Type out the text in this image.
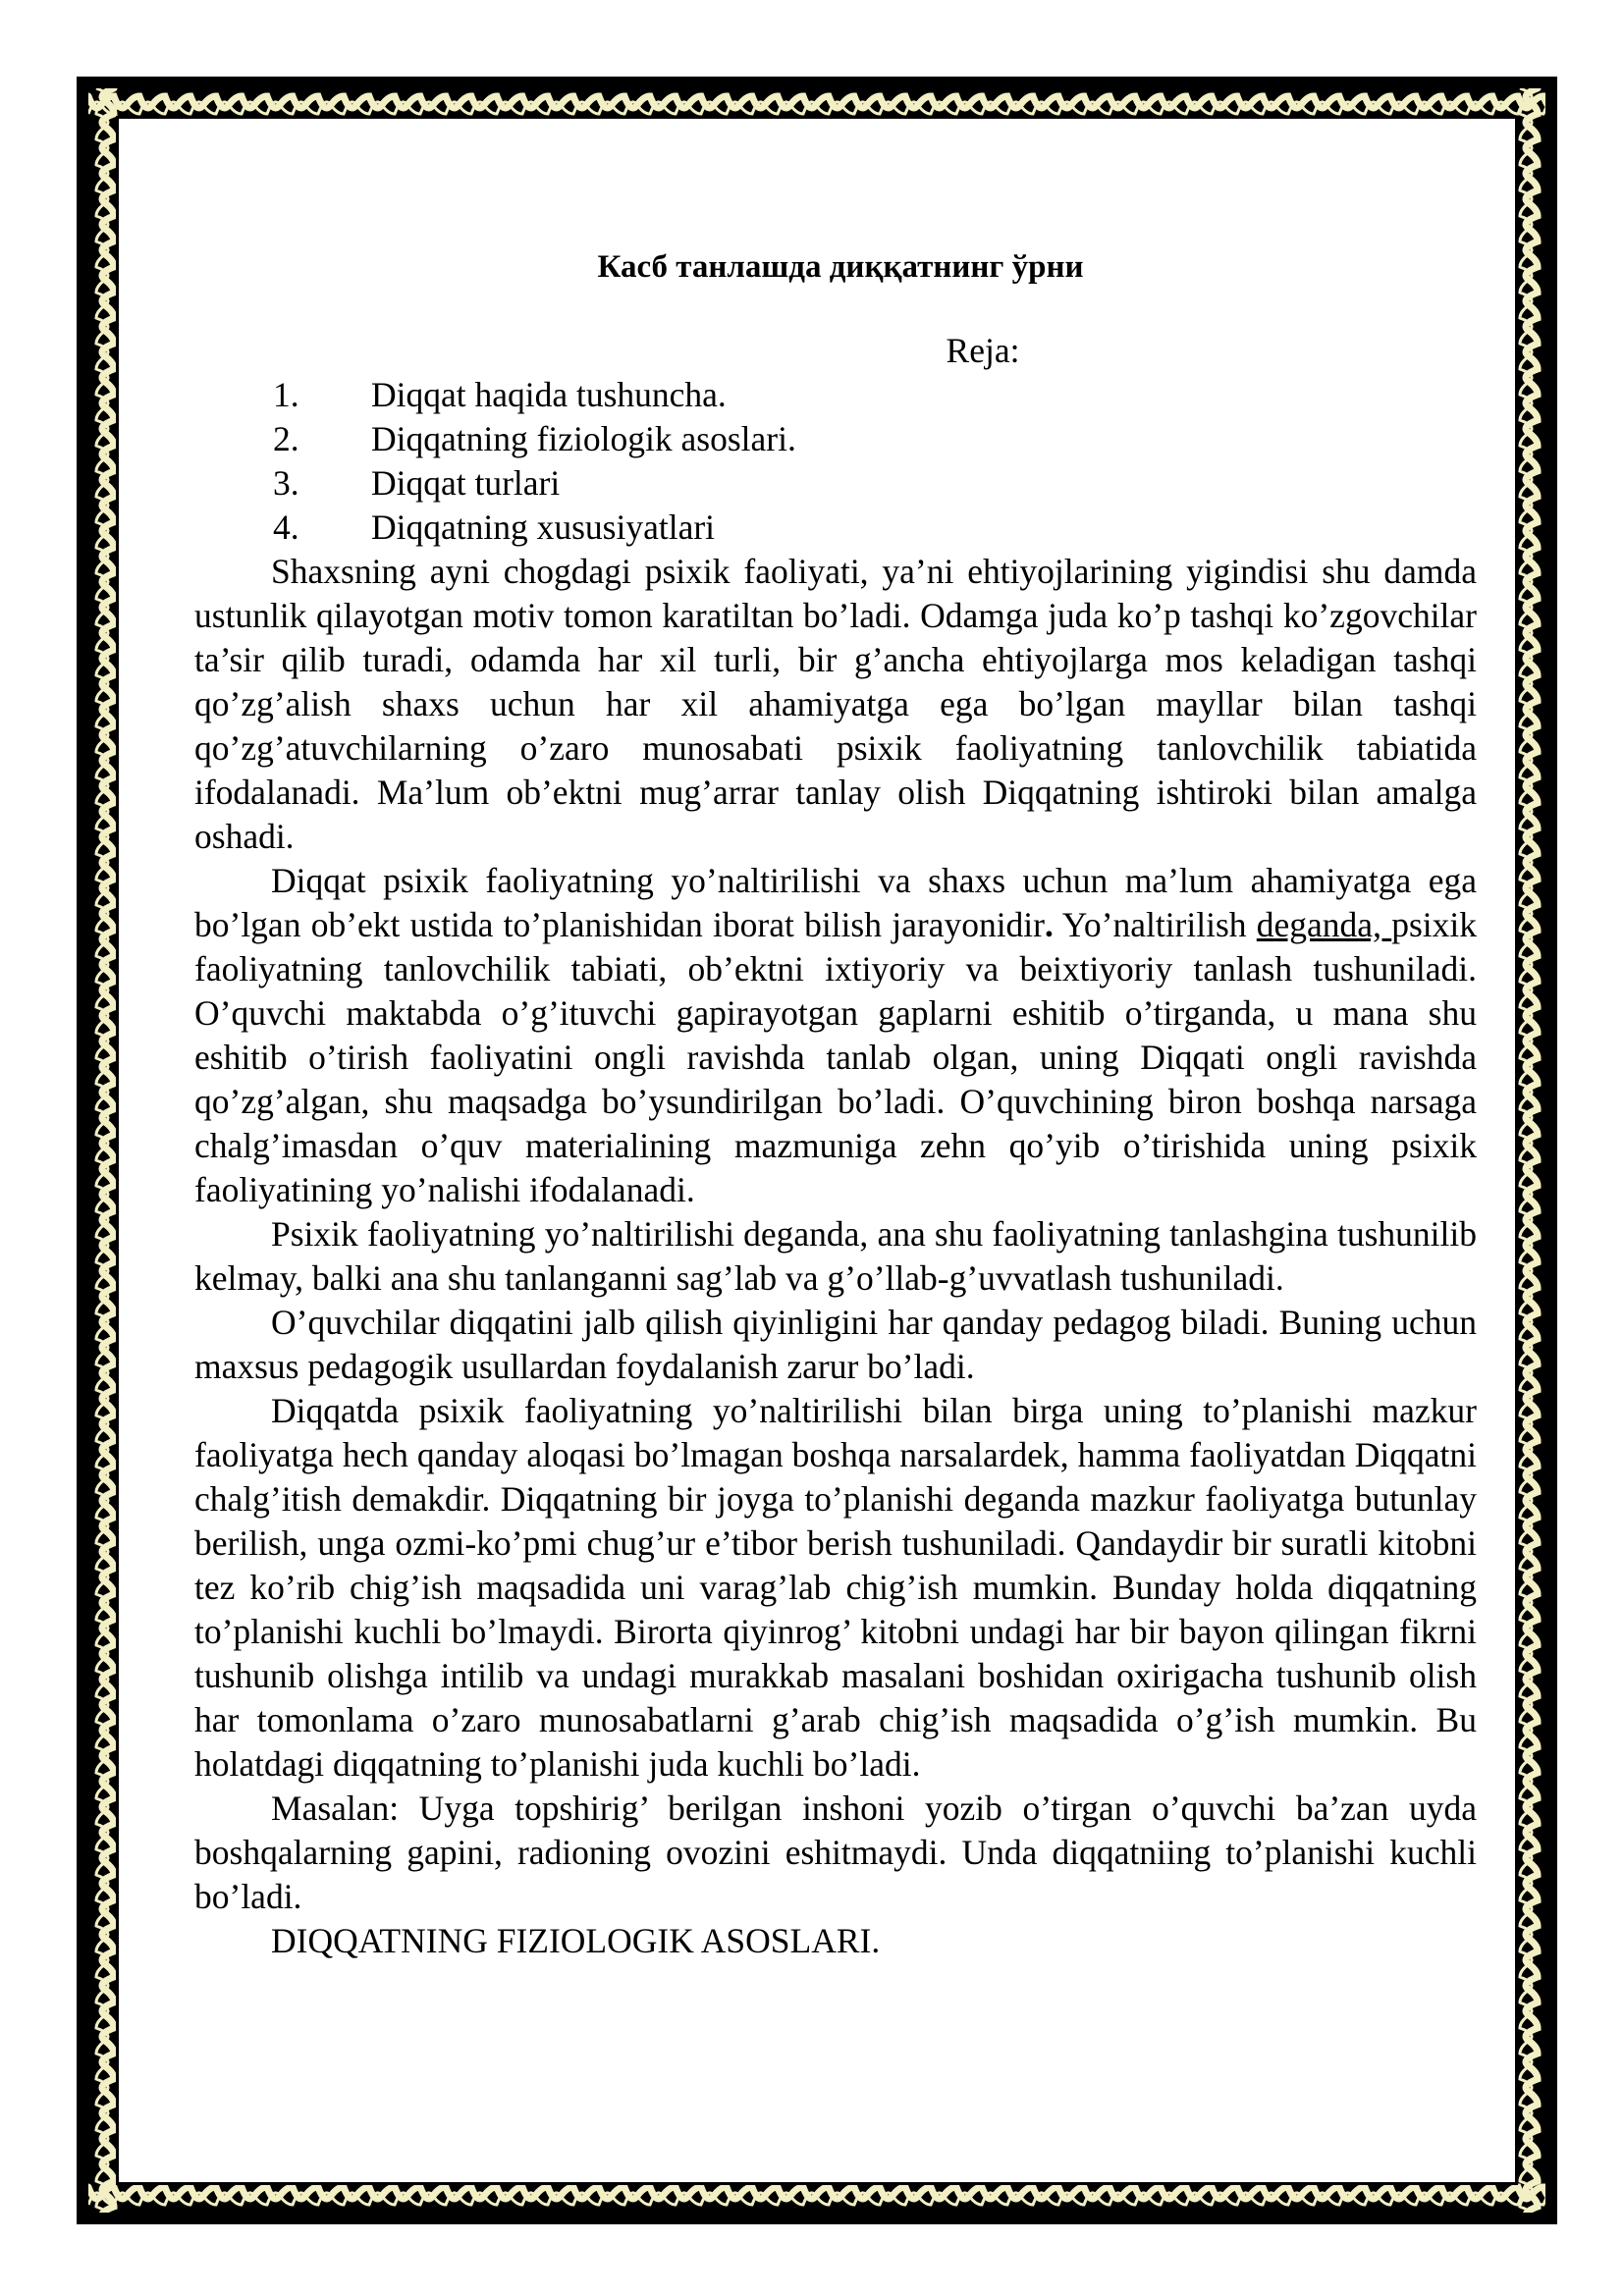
Касб танлашда диққатнинг ўрни
Reja:
1.	Diqqat haqida tushuncha.
2.	Diqqatning fiziologik asoslari.
3.	Diqqat turlari
4.	Diqqatning xususiyatlari

Shaxsning ayni chogdagi psixik faoliyati, ya’ni ehtiyojlarining yigindisi shu damda ustunlik qilayotgan motiv tomon karatiltan bo’ladi. Odamga juda ko’p tashqi ko’zgovchilar ta’sir qilib turadi, odamda har xil turli, bir g’ancha ehtiyojlarga mos keladigan tashqi qo’zg’alish shaxs uchun har xil ahamiyatga ega bo’lgan mayllar bilan tashqi qo’zg’atuvchilarning o’zaro munosabati psixik faoliyatning tanlovchilik tabiatida ifodalanadi. Ma’lum ob’ektni mug’arrar tanlay olish Diqqatning ishtiroki bilan amalga oshadi.

Diqqat psixik faoliyatning yo’naltirilishi va shaxs uchun ma’lum ahamiyatga ega bo’lgan ob’ekt ustida to’planishidan iborat bilish jarayonidir. Yo’naltirilish deganda, psixik faoliyatning tanlovchilik tabiati, ob’ektni ixtiyoriy va beixtiyoriy tanlash tushuniladi. O’quvchi maktabda o’g’ituvchi gapirayotgan gaplarni eshitib o’tirganda, u mana shu eshitib o’tirish faoliyatini ongli ravishda tanlab olgan, uning Diqqati ongli ravishda qo’zg’algan, shu maqsadga bo’ysundirilgan bo’ladi. O’quvchining biron boshqa narsaga chalg’imasdan o’quv materialining mazmuniga zehn qo’yib o’tirishida uning psixik faoliyatining yo’nalishi ifodalanadi.

Psixik faoliyatning yo’naltirilishi deganda, ana shu faoliyatning tanlashgina tushunilib kelmay, balki ana shu tanlanganni sag’lab va g’o’llab-g’uvvatlash tushuniladi.

O’quvchilar diqqatini jalb qilish qiyinligini har qanday pedagog biladi. Buning uchun maxsus pedagogik usullardan foydalanish zarur bo’ladi.

Diqqatda psixik faoliyatning yo’naltirilishi bilan birga uning to’planishi mazkur faoliyatga hech qanday aloqasi bo’lmagan boshqa narsalardek, hamma faoliyatdan Diqqatni chalg’itish demakdir. Diqqatning bir joyga to’planishi deganda mazkur faoliyatga butunlay berilish, unga ozmi-ko’pmi chug’ur e’tibor berish tushuniladi. Qandaydir bir suratli kitobni tez ko’rib chig’ish maqsadida uni varag’lab chig’ish mumkin. Bunday holda diqqatning to’planishi kuchli bo’lmaydi. Birorta qiyinrog’ kitobni undagi har bir bayon qilingan fikrni tushunib olishga intilib va undagi murakkab masalani boshidan oxirigacha tushunib olish har tomonlama o’zaro munosabatlarni g’arab chig’ish maqsadida o’g’ish mumkin. Bu holatdagi diqqatning to’planishi juda kuchli bo’ladi.

Masalan: Uyga topshirig’ berilgan inshoni yozib o’tirgan o’quvchi ba’zan uyda boshqalarning gapini, radioning ovozini eshitmaydi. Unda diqqatniing to’planishi kuchli bo’ladi.

DIQQATNING FIZIOLOGIK ASOSLARI.
